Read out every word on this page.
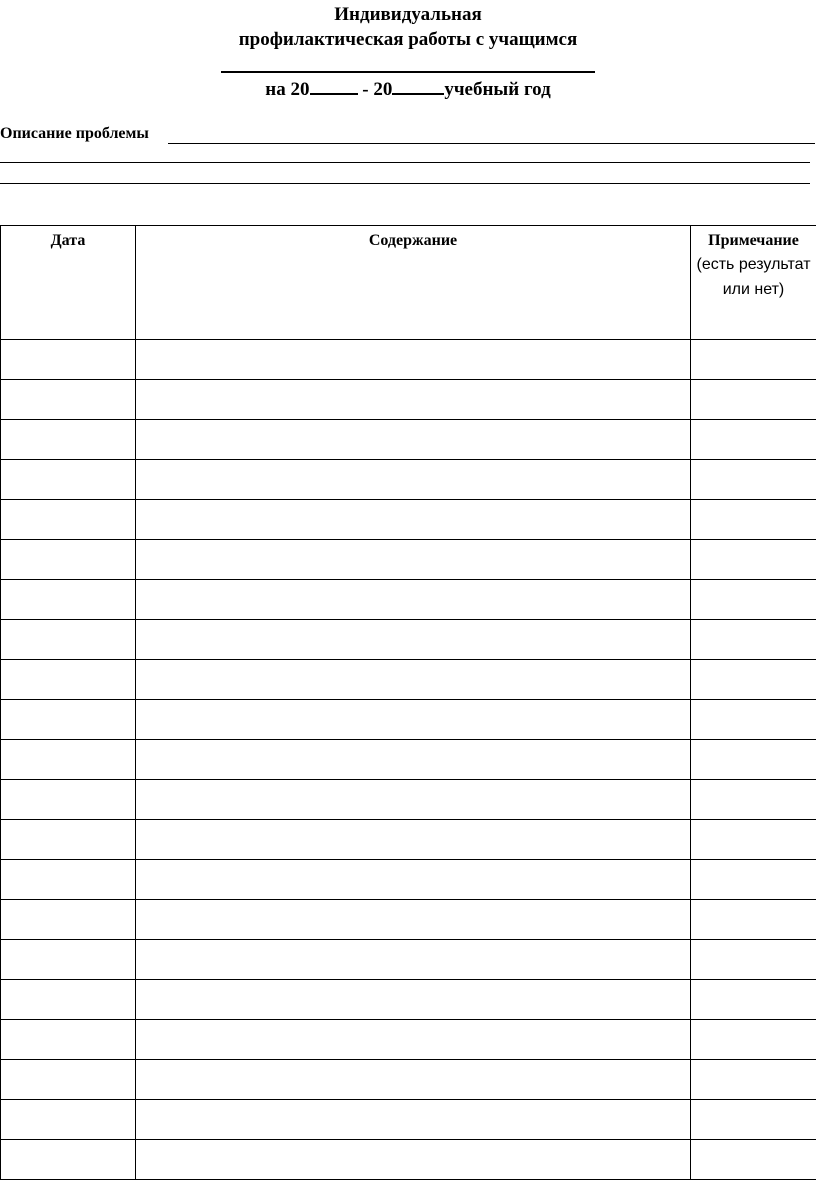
Индивидуальная
профилактическая работы с учащимся
на 20	- 20	учебный год
Описание проблемы
Дата	Содержание	Примечание
(есть результат или нет)
